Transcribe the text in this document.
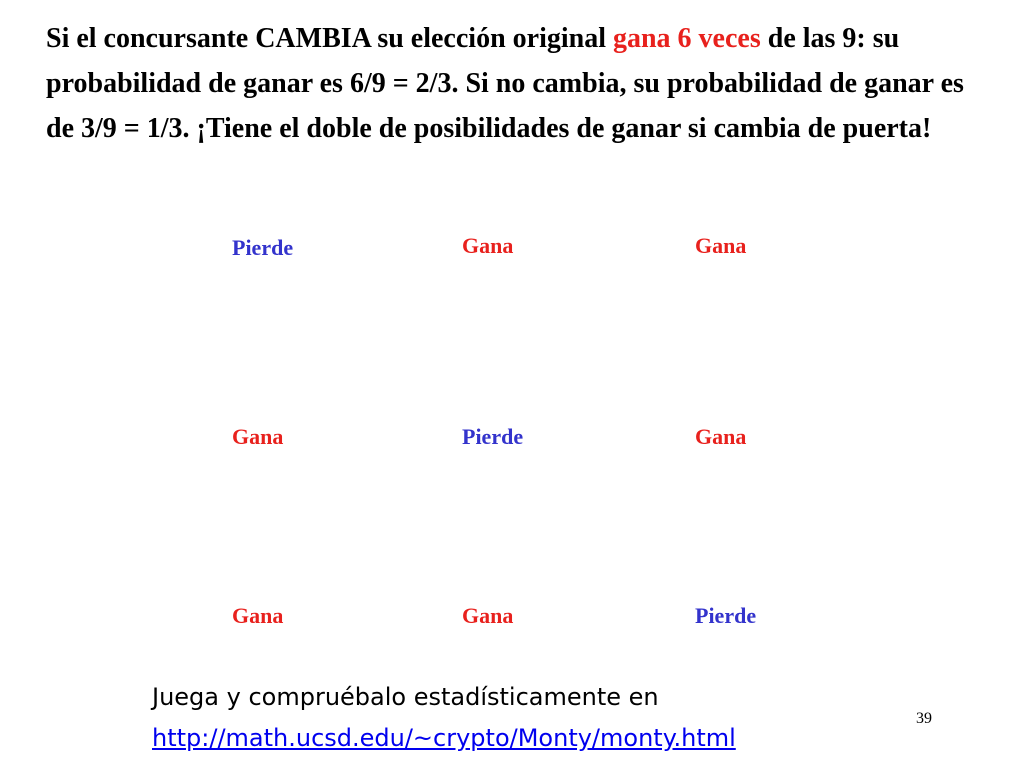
Si el concursante CAMBIA su elección original gana 6 veces de las 9: su probabilidad de ganar es 6/9 = 2/3. Si no cambia, su probabilidad de ganar es de 3/9 = 1/3. ¡Tiene el doble de posibilidades de ganar si cambia de puerta!

Pierde	Gana	Gana
Gana	Pierde	Gana
Gana	Gana	Pierde
Juega y compruébalo estadísticamente en
http://math.ucsd.edu/~crypto/Monty/monty.html
39
